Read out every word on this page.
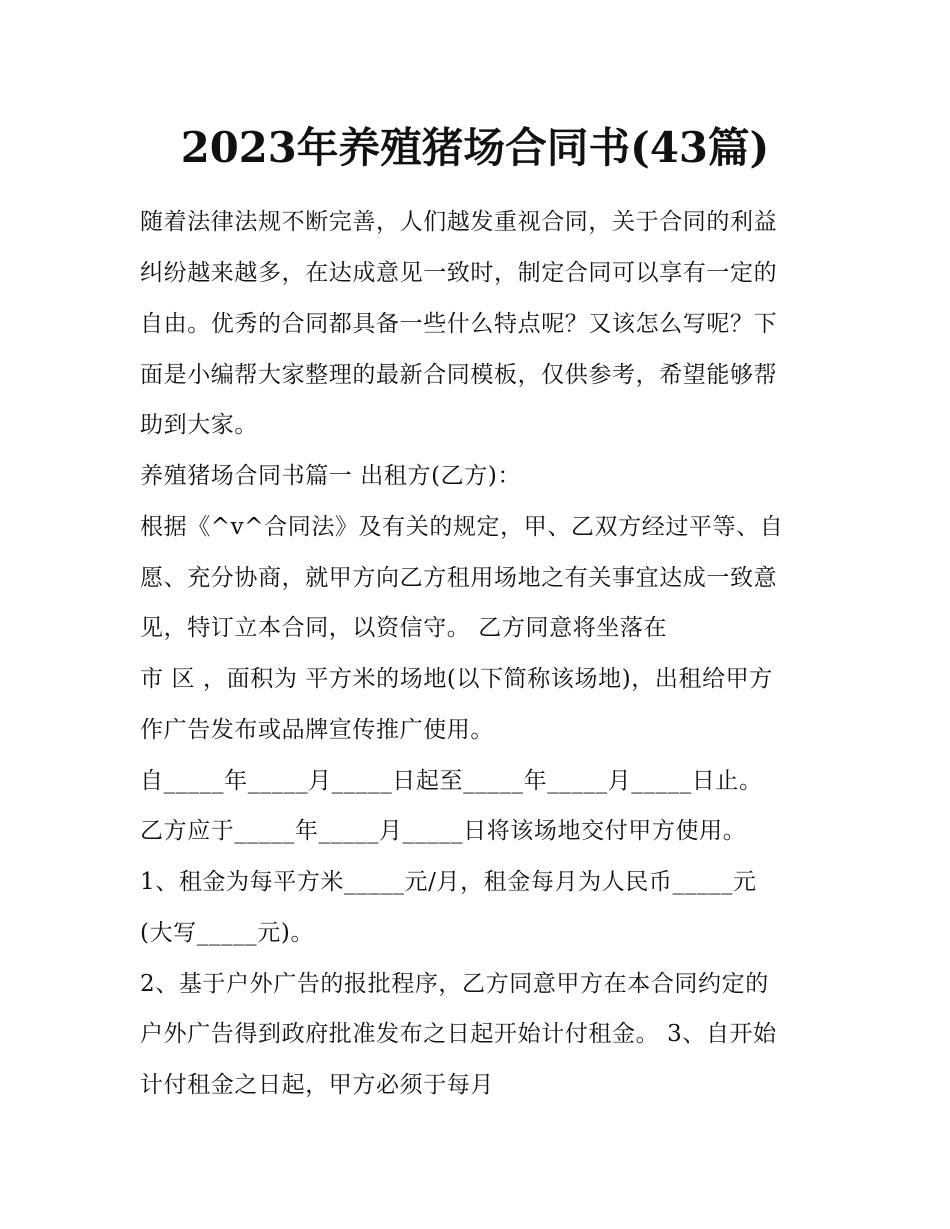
2023年养殖猪场合同书(43篇)
随着法律法规不断完善，人们越发重视合同，关于合同的利益
纠纷越来越多，在达成意见一致时，制定合同可以享有一定的
自由。优秀的合同都具备一些什么特点呢？又该怎么写呢？下
面是小编帮大家整理的最新合同模板，仅供参考，希望能够帮
助到大家。
养殖猪场合同书篇一 出租方(乙方)：
根据《^v^合同法》及有关的规定，甲、乙双方经过平等、自
愿、充分协商，就甲方向乙方租用场地之有关事宜达成一致意
见，特订立本合同，以资信守。 乙方同意将坐落在
市 区 ，面积为 平方米的场地(以下简称该场地)，出租给甲方
作广告发布或品牌宣传推广使用。
自_____年_____月_____日起至_____年_____月_____日止。
乙方应于_____年_____月_____日将该场地交付甲方使用。
1、租金为每平方米_____元/月，租金每月为人民币_____元
(大写_____元)。
2、基于户外广告的报批程序，乙方同意甲方在本合同约定的
户外广告得到政府批准发布之日起开始计付租金。 3、自开始
计付租金之日起，甲方必须于每月
